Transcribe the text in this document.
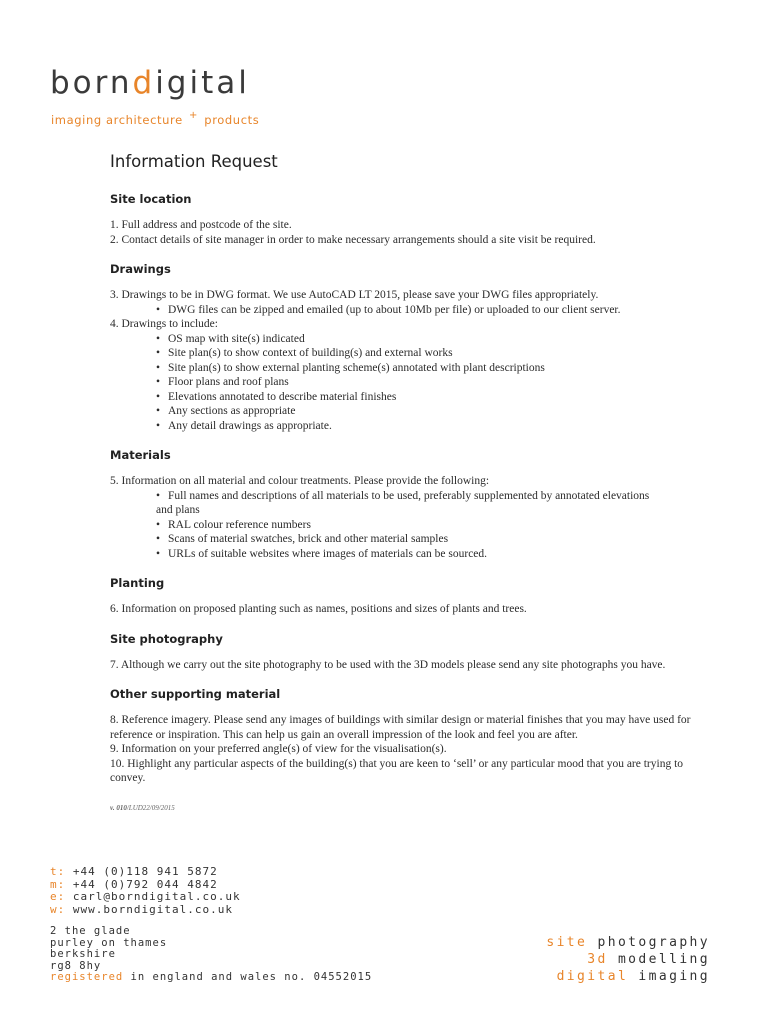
borndigital
imaging architecture + products
Information Request
Site location
1. Full address and postcode of the site.
2. Contact details of site manager in order to make necessary arrangements should a site visit be required.
Drawings
3. Drawings to be in DWG format. We use AutoCAD LT 2015, please save your DWG files appropriately.
• DWG files can be zipped and emailed (up to about 10Mb per file) or uploaded to our client server.
4. Drawings to include:
• OS map with site(s) indicated
• Site plan(s) to show context of building(s) and external works
• Site plan(s) to show external planting scheme(s) annotated with plant descriptions
• Floor plans and roof plans
• Elevations annotated to describe material finishes
• Any sections as appropriate
• Any detail drawings as appropriate.
Materials
5. Information on all material and colour treatments. Please provide the following:
• Full names and descriptions of all materials to be used, preferably supplemented by annotated elevations
and plans
• RAL colour reference numbers
• Scans of material swatches, brick and other material samples
• URLs of suitable websites where images of materials can be sourced.
Planting
6. Information on proposed planting such as names, positions and sizes of plants and trees.
Site photography
7. Although we carry out the site photography to be used with the 3D models please send any site photographs you have.
Other supporting material
8. Reference imagery. Please send any images of buildings with similar design or material finishes that you may have used for reference or inspiration. This can help us gain an overall impression of the look and feel you are after.
9. Information on your preferred angle(s) of view for the visualisation(s).
10. Highlight any particular aspects of the building(s) that you are keen to ‘sell’ or any particular mood that you are trying to convey.
v. 010/LUD22/09/2015
t: +44 (0)118 941 5872
m: +44 (0)792 044 4842
e: carl@borndigital.co.uk
w: www.borndigital.co.uk
2 the glade
purley on thames
berkshire
rg8 8hy
registered in england and wales no. 04552015
site photography
3d modelling
digital imaging
